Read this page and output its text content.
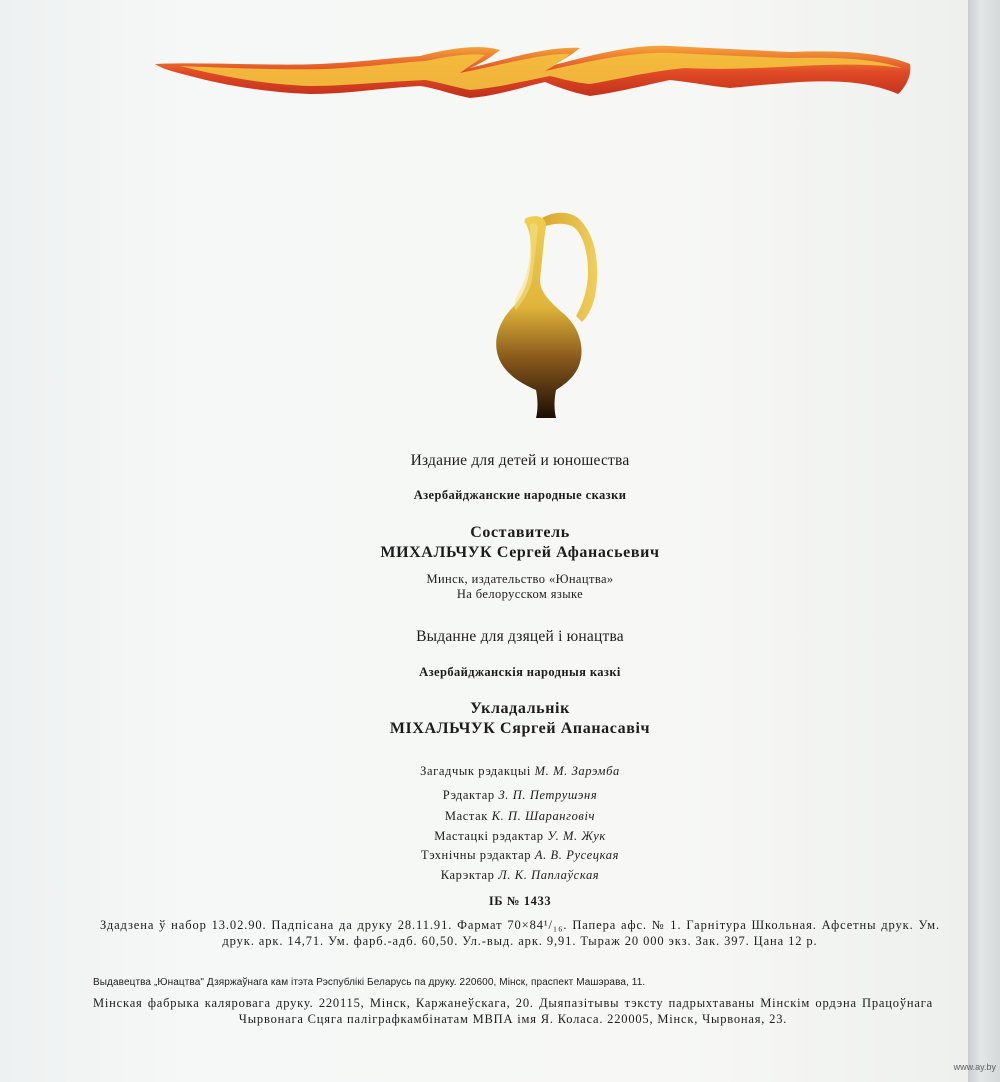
Издание для детей и юношества
Азербайджанские народные сказки
Составитель
МИХАЛЬЧУК Сергей Афанасьевич
Минск, издательство «Юнацтва»
На белорусском языке
Выданне для дзяцей і юнацтва
Азербайджанскія народныя казкі
Укладальнік
МІХАЛЬЧУК Сяргей Апанасавіч
Загадчык рэдакцыі М. М. Зарэмба
Рэдактар З. П. Петрушэня
Мастак К. П. Шаранговіч
Мастацкі рэдактар У. М. Жук
Тэхнічны рэдактар А. В. Русецкая
Карэктар Л. К. Паплаўская
ІБ № 1433
Здадзена ў набор 13.02.90. Падпісана да друку 28.11.91. Фармат 70×84¹/₁₆. Папера афс. № 1. Гарнітура Школьная. Афсетны друк. Ум. друк. арк. 14,71. Ум. фарб.-адб. 60,50. Ул.-выд. арк. 9,91. Тыраж 20 000 экз. Зак. 397. Цана 12 р.
Выдавецтва „Юнацтва" Дзяржаўнага кам ітэта Рэспублікі Беларусь па друку. 220600, Мінск, праспект Машэрава, 11.
Мінская фабрыка каляровага друку. 220115, Мінск, Каржанеўскага, 20. Дыяпазітывы тэксту падрыхтаваны Мінскім ордэна Працоўнага Чырвонага Сцяга паліграфкамбінатам МВПА імя Я. Коласа. 220005, Мінск, Чырвоная, 23.
www.ay.by
